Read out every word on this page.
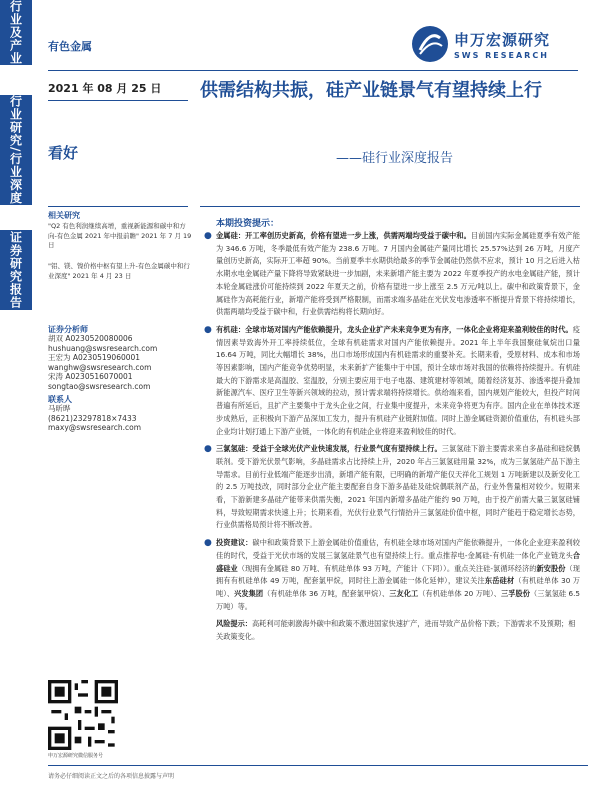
行业及产业
行业研究/行业深度
证券研究报告
有色金属	申万宏源研究
SWS RESEARCH
2021 年 08 月 25 日
看好
相关研究
"Q2 有色利润继续高增，重视新能源和碳中和方向-有色金属 2021 年中报前瞻" 2021 年 7 月 19 日
"铝、镁、镍价格中枢有望上升-有色金属碳中和行业深度" 2021 年 4 月 23 日
证券分析师
胡双 A0230520080006
hushuang@swsresearch.com
王宏为 A0230519060001
wanghw@swsresearch.com
宋涛 A0230516070001
songtao@swsresearch.com
联系人
马昕晔
(8621)23297818×7433
maxy@swsresearch.com
申万宏源研究微信服务号
请务必仔细阅读正文之后的各项信息披露与声明
供需结构共振，硅产业链景气有望持续上行
——硅行业深度报告
本期投资提示：
● 金属硅：开工率创历史新高，价格有望进一步上涨，供需两端均受益于碳中和。目前国内实际金属硅夏季有效产能为 346.6 万吨，冬季最低有效产能为 238.6 万吨。7 月国内金属硅产量同比增长 25.57%达到 26 万吨，月度产量创历史新高，实际开工率超 90%。当前夏季丰水期供给最多的季节金属硅仍然供不应求，预计 10 月之后进入枯水期水电金属硅产量下降将导致紧缺进一步加剧，未来新增产能主要为 2022 年夏季投产的水电金属硅产能，预计本轮金属硅涨价可能持续到 2022 年夏天之前，价格有望进一步上涨至 2.5 万元/吨以上。碳中和政策背景下，金属硅作为高耗能行业，新增产能将受到严格限制，而需求端多晶硅在光伏发电渗透率不断提升背景下将持续增长，供需两端均受益于碳中和，行业供需结构将长期向好。
● 有机硅：全球市场对国内产能依赖提升，龙头企业扩产未来竞争更为有序，一体化企业将迎来盈利较佳的时代。疫情因素导致海外开工率持续低位，全球有机硅需求对国内产能依赖提升。2021 年上半年我国聚硅氧烷出口量 16.64 万吨，同比大幅增长 38%，出口市场形成国内有机硅需求的重要补充。长期来看，受原材料、成本和市场等因素影响，国内产能竞争优势明显，未来新扩产能集中于中国，预计全球市场对我国的依赖将持续提升。有机硅最大的下游需求是高温胶、室温胶，分别主要应用于电子电器、建筑建材等领域，随着经济复苏、渗透率提升叠加新能源汽车、医疗卫生等新兴领域的拉动，预计需求端将持续增长。供给端来看，国内规划产能较大，但投产时间普遍有所延后，且扩产主要集中于龙头企业之间，行业集中度提升，未来竞争将更为有序。国内企业在单体技术逐步成熟后，正积极向下游产品深加工发力，提升有机硅产业链附加值。同时上游金属硅资源价值重估，有机硅头部企业均计划打通上下游产业链，一体化的有机硅企业将迎来盈利较佳的时代。
● 三氯氢硅：受益于全球光伏产业快速发展，行业景气度有望持续上行。三氯氢硅下游主要需求来自多晶硅和硅烷偶联剂。受下游光伏景气影响，多晶硅需求占比持续上升，2020 年占三氯氢硅用量 32%，成为三氯氢硅产品下游主导需求。目前行业低端产能逐步出清，新增产能有限，已明确的新增产能仅天祥化工规划 1 万吨新建以及新安化工的 2.5 万吨技改，同时部分企业产能主要配套自身下游多晶硅及硅烷偶联剂产品，行业外售量相对较少。短期来看，下游新建多晶硅产能带来供需失衡，2021 年国内新增多晶硅产能约 90 万吨，由于投产前需大量三氯氢硅铺料，导致短期需求快速上升；长期来看，光伏行业景气行情抬升三氯氢硅价值中枢，同时产能趋于稳定增长态势，行业供需格局预计将不断改善。
● 投资建议：碳中和政策背景下上游金属硅价值重估，有机硅全球市场对国内产能依赖提升，一体化企业迎来盈利较佳的时代，受益于光伏市场的发展三氯氢硅景气也有望持续上行。重点推荐电-金属硅-有机硅一体化产业链龙头合盛硅业（现拥有金属硅 80 万吨、有机硅单体 93 万吨，产能计（下同））。重点关注硅-氯循环经济的新安股份（现拥有有机硅单体 49 万吨，配套氯甲烷，同时往上游金属硅一体化延伸），建议关注东岳硅材（有机硅单体 30 万吨）、兴发集团（有机硅单体 36 万吨，配套氯甲烷）、三友化工（有机硅单体 20 万吨）、三孚股份（三氯氢硅 6.5 万吨）等。
风险提示：高耗利可能刺激海外碳中和政策不激进国家快速扩产，进而导致产品价格下跌；下游需求不及预期；相关政策变化。
